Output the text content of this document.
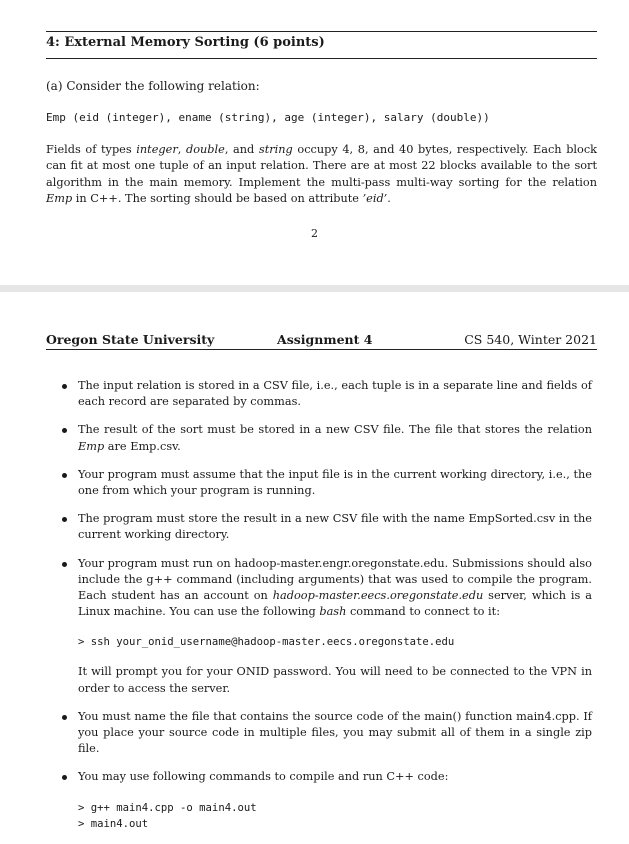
4: External Memory Sorting (6 points)
(a) Consider the following relation:
Emp (eid (integer), ename (string), age (integer), salary (double))
Fields of types integer, double, and string occupy 4, 8, and 40 bytes, respectively. Each block can fit at most one tuple of an input relation. There are at most 22 blocks available to the sort algorithm in the main memory. Implement the multi-pass multi-way sorting for the relation Emp in C++. The sorting should be based on attribute ’eid’.
2
Oregon State University	Assignment 4	CS 540, Winter 2021
The input relation is stored in a CSV file, i.e., each tuple is in a separate line and fields of each record are separated by commas.
The result of the sort must be stored in a new CSV file. The file that stores the relation Emp are Emp.csv.
Your program must assume that the input file is in the current working directory, i.e., the one from which your program is running.
The program must store the result in a new CSV file with the name EmpSorted.csv in the current working directory.
Your program must run on hadoop-master.engr.oregonstate.edu. Submissions should also include the g++ command (including arguments) that was used to compile the program. Each student has an account on hadoop-master.eecs.oregonstate.edu server, which is a Linux machine. You can use the following bash command to connect to it:
> ssh your_onid_username@hadoop-master.eecs.oregonstate.edu
It will prompt you for your ONID password. You will need to be connected to the VPN in order to access the server.
You must name the file that contains the source code of the main() function main4.cpp. If you place your source code in multiple files, you may submit all of them in a single zip file.
You may use following commands to compile and run C++ code:
> g++ main4.cpp -o main4.out
> main4.out
